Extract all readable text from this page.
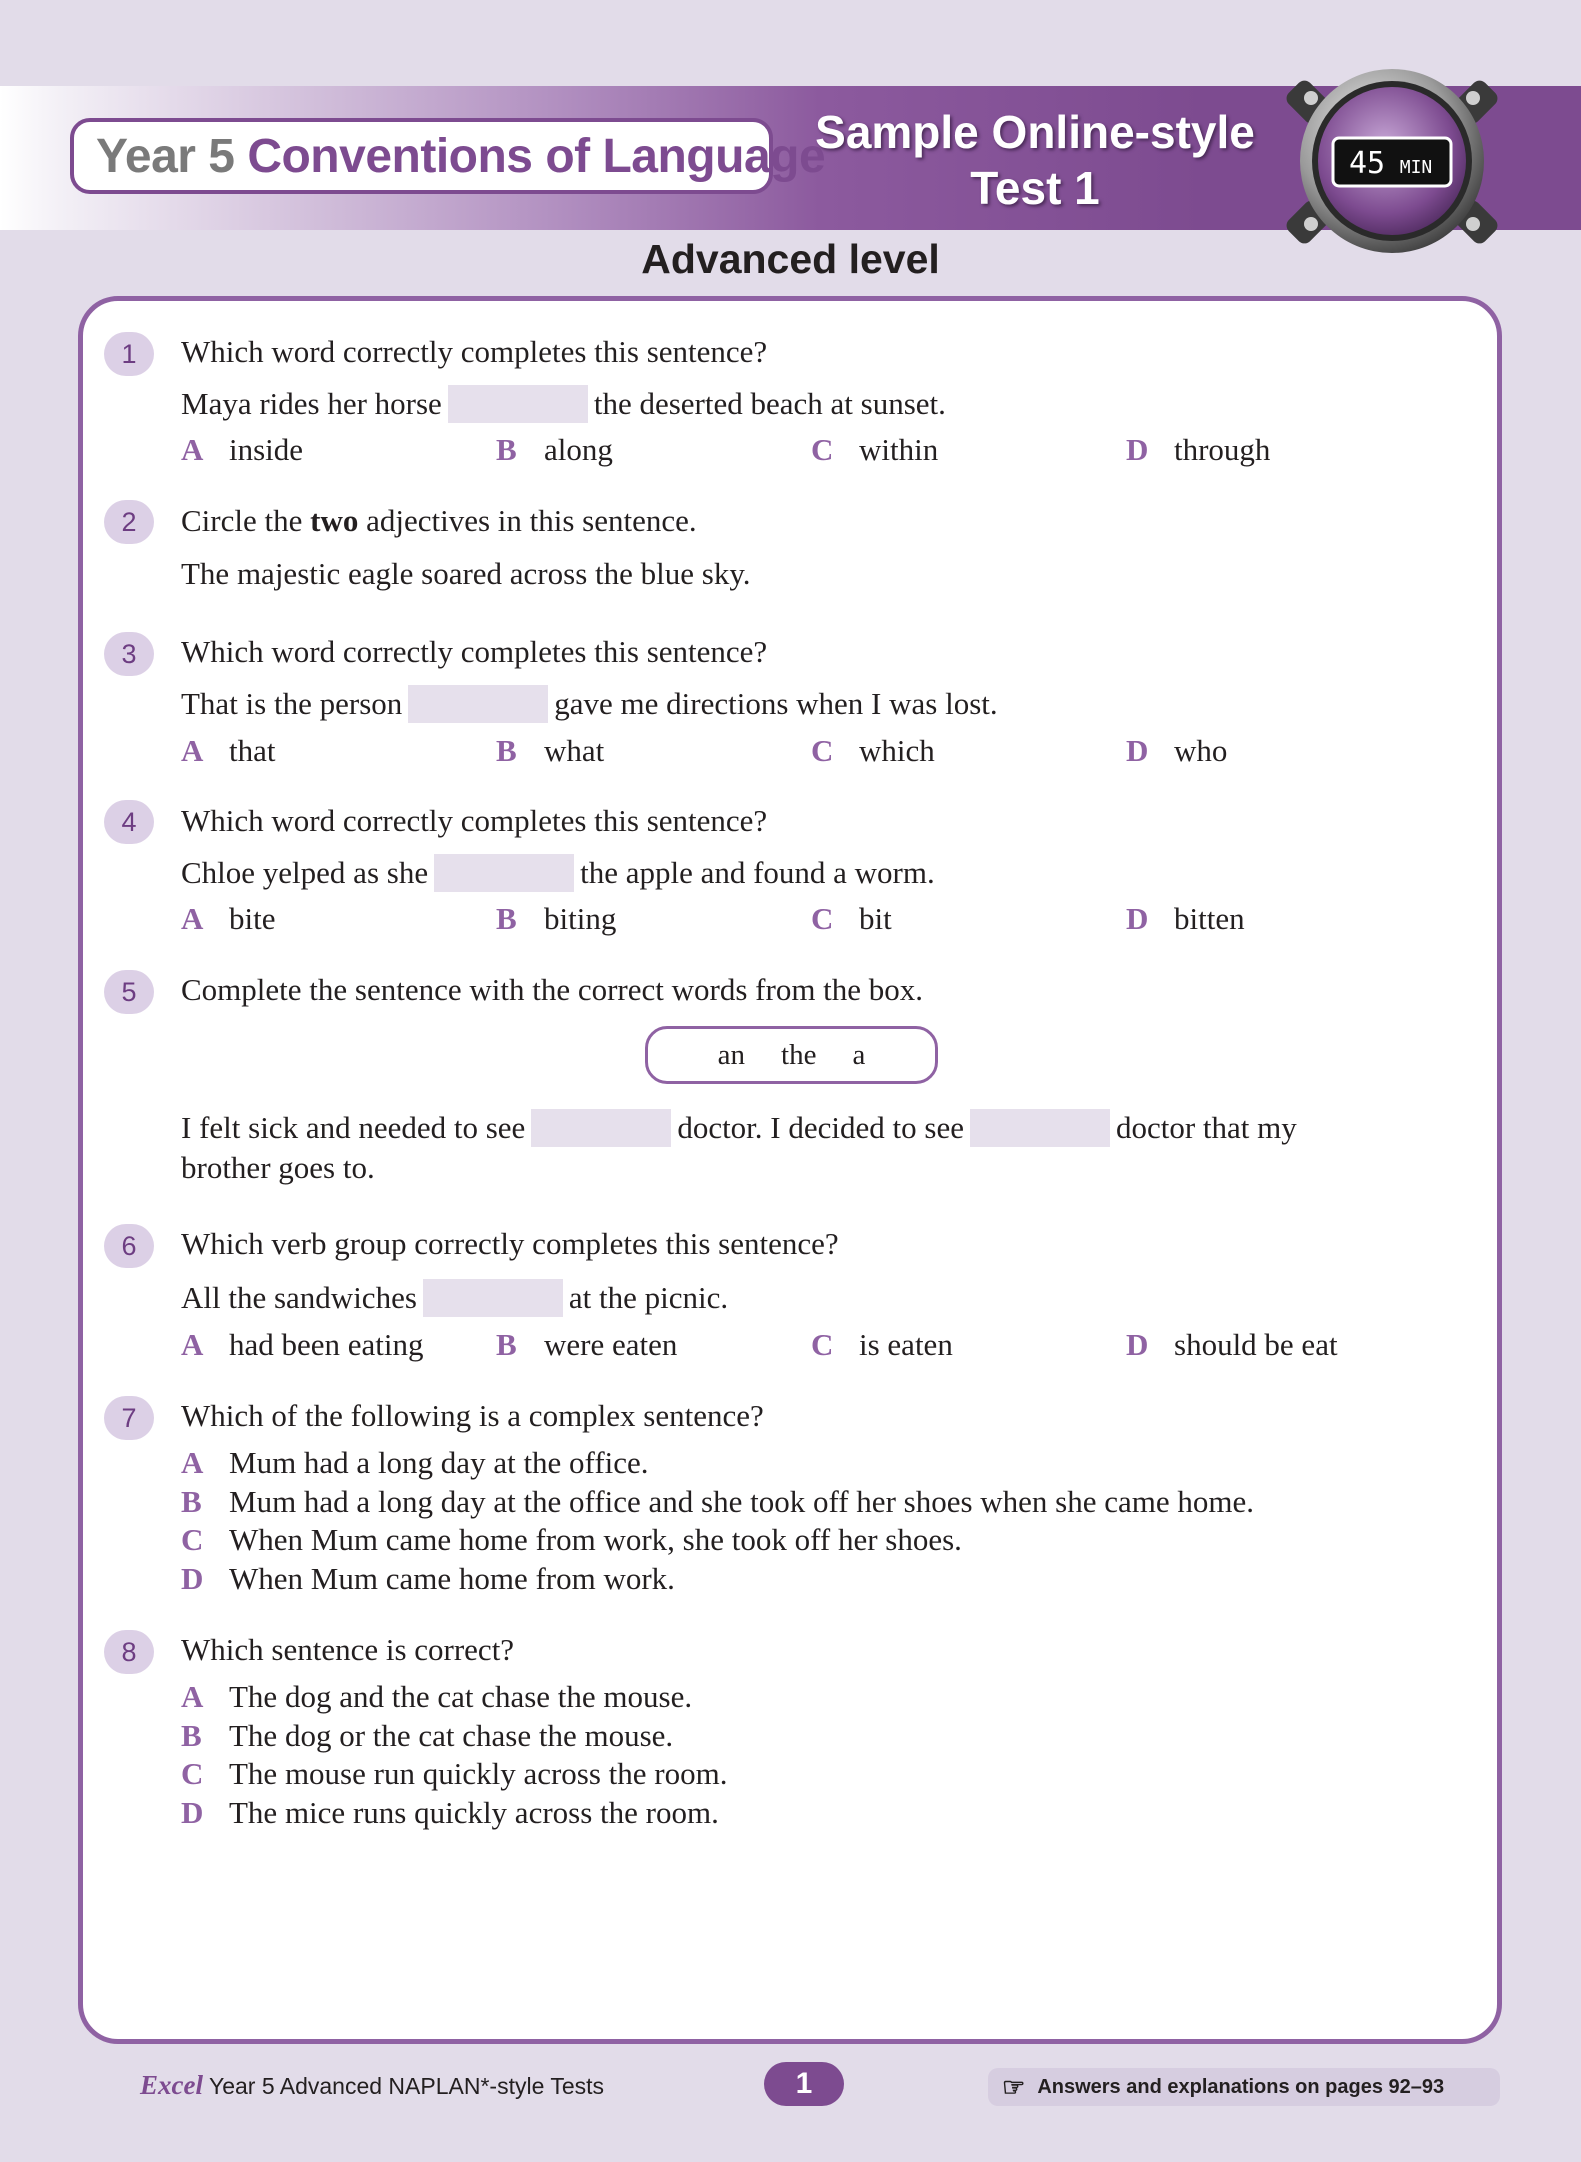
Year 5
Conventions of Language
Sample Online-style
Test 1	45 MIN
Advanced level
1	Which word correctly completes this sentence?
Maya rides her horse	the deserted beach at sunset.
A inside	B along	C within	D through
2	Circle the two adjectives in this sentence.
The majestic eagle soared across the blue sky.
3	Which word correctly completes this sentence?
That is the person	gave me directions when I was lost.
A that	B what	C which	D who
4	Which word correctly completes this sentence?
Chloe yelped as she	the apple and found a worm.
A bite	B biting	C bit	D bitten
5	Complete the sentence with the correct words from the box.
an the a
I felt sick and needed to see	doctor. I decided to see	doctor that my
brother goes to.
6	Which verb group correctly completes this sentence?
All the sandwiches	at the picnic.
A had been eating B were eaten	C is eaten	D should be eat
7	Which of the following is a complex sentence?
A Mum had a long day at the office.
B Mum had a long day at the office and she took off her shoes when she came home.
C When Mum came home from work, she took off her shoes.
D When Mum came home from work.
8	Which sentence is correct?
A The dog and the cat chase the mouse.
B The dog or the cat chase the mouse.
C The mouse run quickly across the room.
D The mice runs quickly across the room.
Excel Year 5 Advanced NAPLAN*-style Tests	1	☞ Answers and explanations on pages 92–93
